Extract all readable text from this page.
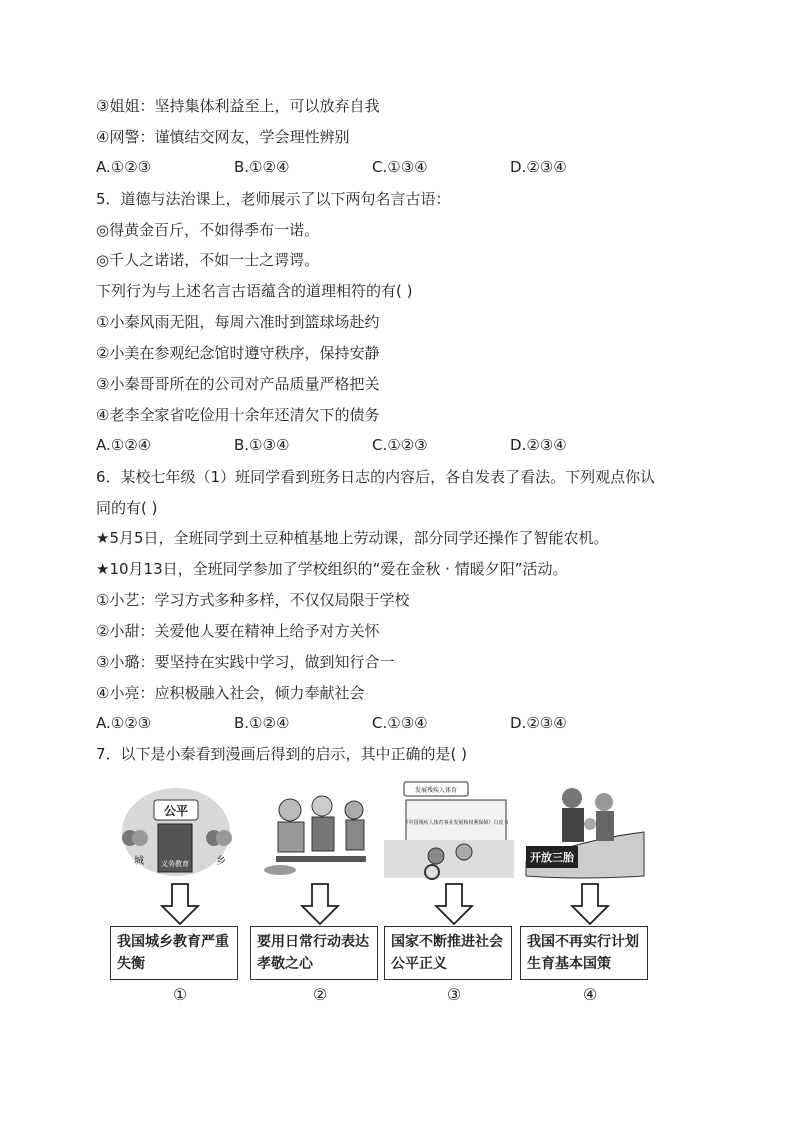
③姐姐：坚持集体利益至上，可以放弃自我
④网警：谨慎结交网友，学会理性辨别
A.①②③	B.①②④	C.①③④	D.②③④
5．道德与法治课上，老师展示了以下两句名言古语：
◎得黄金百斤，不如得季布一诺。
◎千人之诺诺，不如一士之谔谔。
下列行为与上述名言古语蕴含的道理相符的有( )
①小秦风雨无阻，每周六准时到篮球场赴约
②小美在参观纪念馆时遵守秩序，保持安静
③小秦哥哥所在的公司对产品质量严格把关
④老李全家省吃俭用十余年还清欠下的债务
A.①②④	B.①③④	C.①②③	D.②③④
6．某校七年级（1）班同学看到班务日志的内容后，各自发表了看法。下列观点你认
同的有( )
★5月5日，全班同学到土豆种植基地上劳动课，部分同学还操作了智能农机。
★10月13日，全班同学参加了学校组织的“爱在金秋 · 情暖夕阳”活动。
①小艺：学习方式多种多样，不仅仅局限于学校
②小甜：关爱他人要在精神上给予对方关怀
③小璐：要坚持在实践中学习，做到知行合一
④小亮：应积极融入社会，倾力奉献社会
A.①②③	B.①②④	C.①③④	D.②③④
7．以下是小秦看到漫画后得到的启示，其中正确的是( )
公平
义务教育
城	乡
我国城乡教育严重失衡
①
要用日常行动表达孝敬之心
②
发展残疾人体育
《中国残疾人体育事业发展和权利保障》白皮书
国家不断推进社会公平正义
③
开放三胎
我国不再实行计划生育基本国策
④
